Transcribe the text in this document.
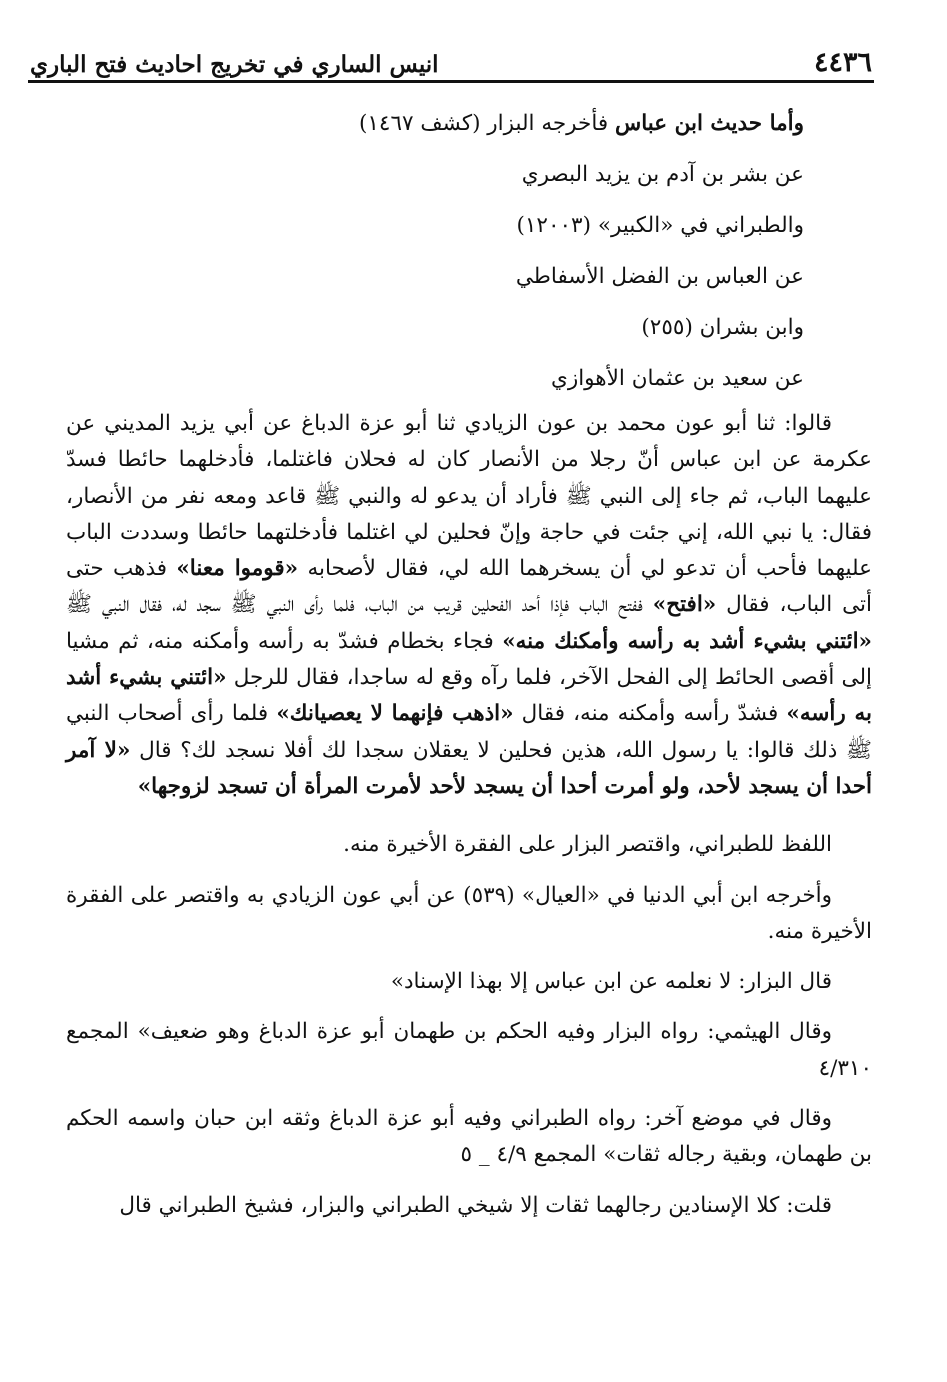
٤٤٣٦
انيس الساري في تخريج احاديث فتح الباري

وأما حديث ابن عباس فأخرجه البزار (كشف ١٤٦٧)

عن بشر بن آدم بن يزيد البصري

والطبراني في «الكبير» (١٢٠٠٣)

عن العباس بن الفضل الأسفاطي

وابن بشران (٢٥٥)

عن سعيد بن عثمان الأهوازي

قالوا: ثنا أبو عون محمد بن عون الزيادي ثنا أبو عزة الدباغ عن أبي يزيد المديني عن عكرمة عن ابن عباس أنّ رجلا من الأنصار كان له فحلان فاغتلما، فأدخلهما حائطا فسدّ عليهما الباب، ثم جاء إلى النبي ﷺ فأراد أن يدعو له والنبي ﷺ قاعد ومعه نفر من الأنصار، فقال: يا نبي الله، إني جئت في حاجة وإنّ فحلين لي اغتلما فأدخلتهما حائطا وسددت الباب عليهما فأحب أن تدعو لي أن يسخرهما الله لي، فقال لأصحابه «قوموا معنا» فذهب حتى أتى الباب، فقال «افتح» ففتح الباب فإذا أحد الفحلين قريب من الباب، فلما رأى النبي ﷺ سجد له، فقال النبي ﷺ «ائتني بشيء أشد به رأسه وأمكنك منه» فجاء بخطام فشدّ به رأسه وأمكنه منه، ثم مشيا إلى أقصى الحائط إلى الفحل الآخر، فلما رآه وقع له ساجدا، فقال للرجل «ائتني بشيء أشد به رأسه» فشدّ رأسه وأمكنه منه، فقال «اذهب فإنهما لا يعصيانك» فلما رأى أصحاب النبي ﷺ ذلك قالوا: يا رسول الله، هذين فحلين لا يعقلان سجدا لك أفلا نسجد لك؟ قال «لا آمر أحدا أن يسجد لأحد، ولو أمرت أحدا أن يسجد لأحد لأمرت المرأة أن تسجد لزوجها»

اللفظ للطبراني، واقتصر البزار على الفقرة الأخيرة منه.

وأخرجه ابن أبي الدنيا في «العيال» (٥٣٩) عن أبي عون الزيادي به واقتصر على الفقرة الأخيرة منه.

قال البزار: لا نعلمه عن ابن عباس إلا بهذا الإسناد»

وقال الهيثمي: رواه البزار وفيه الحكم بن طهمان أبو عزة الدباغ وهو ضعيف» المجمع ٤/٣١٠

وقال في موضع آخر: رواه الطبراني وفيه أبو عزة الدباغ وثقه ابن حبان واسمه الحكم بن طهمان، وبقية رجاله ثقات» المجمع ٤/٩ _ ٥

قلت: كلا الإسنادين رجالهما ثقات إلا شيخي الطبراني والبزار، فشيخ الطبراني قال
